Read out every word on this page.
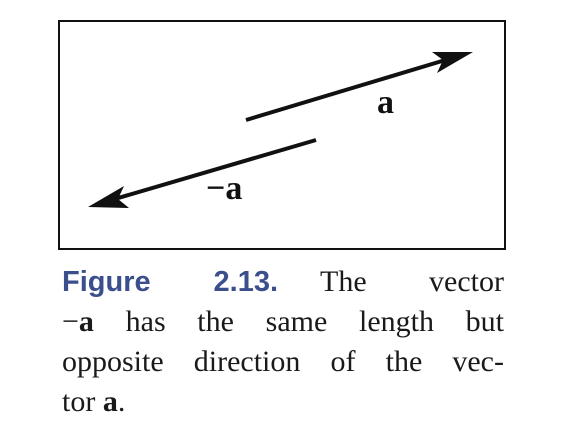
a
−a
Figure 2.13. The vector
−a has the same length but
opposite direction of the vec-
tor a.
